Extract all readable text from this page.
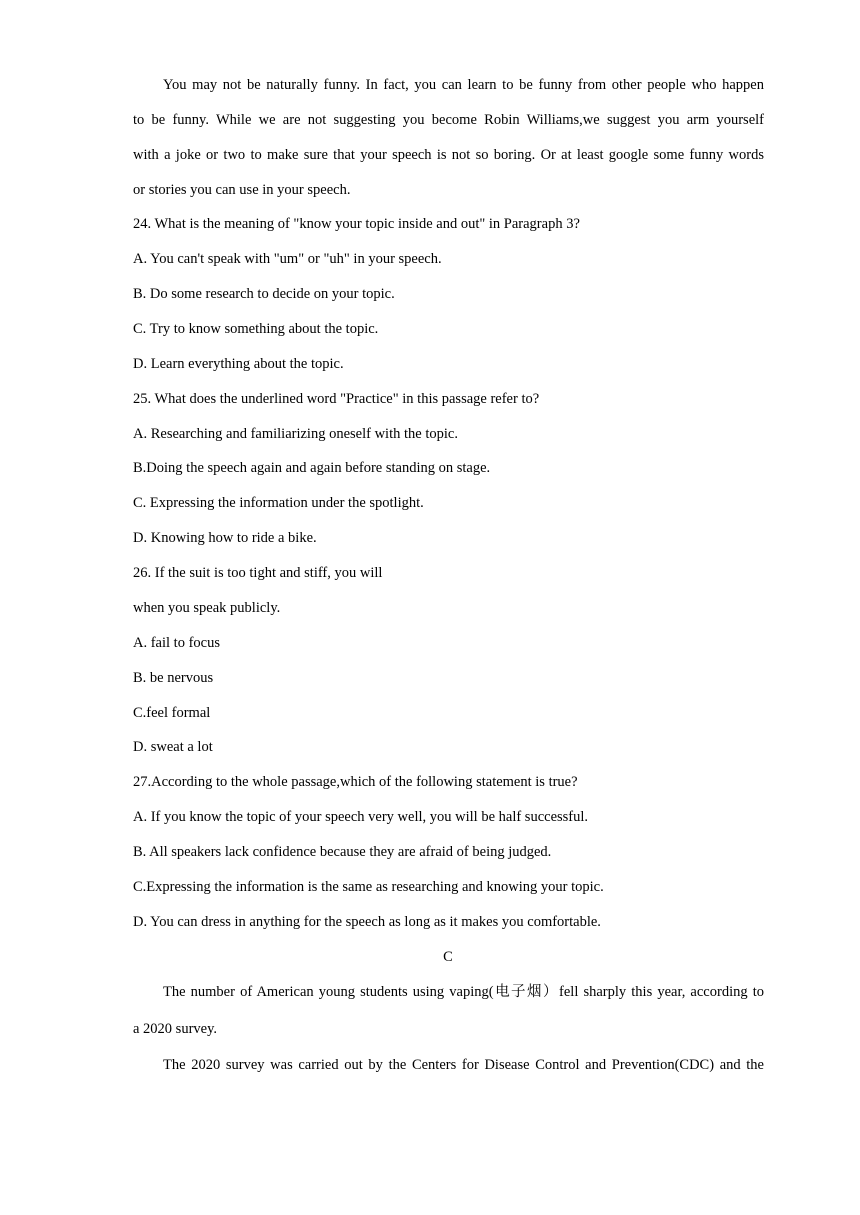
You may not be naturally funny. In fact, you can learn to be funny from other people who happen
to be funny. While we are not suggesting you become Robin Williams,we suggest you arm yourself
with a joke or two to make sure that your speech is not so boring. Or at least google some funny words
or stories you can use in your speech.
24. What is the meaning of "know your topic inside and out" in Paragraph 3?
A. You can't speak with "um" or "uh" in your speech.
B. Do some research to decide on your topic.
C. Try to know something about the topic.
D. Learn everything about the topic.
25. What does the underlined word "Practice" in this passage refer to?
A. Researching and familiarizing oneself with the topic.
B.Doing the speech again and again before standing on stage.
C. Expressing the information under the spotlight.
D. Knowing how to ride a bike.
26. If the suit is too tight and stiff, you will
when you speak publicly.
A. fail to focus
B. be nervous
C.feel formal
D. sweat a lot
27.According to the whole passage,which of the following statement is true?
A. If you know the topic of your speech very well, you will be half successful.
B. All speakers lack confidence because they are afraid of being judged.
C.Expressing the information is the same as researching and knowing your topic.
D. You can dress in anything for the speech as long as it makes you comfortable.
C
The number of American young students using vaping(电子烟）fell sharply this year, according to
a 2020 survey.
The 2020 survey was carried out by the Centers for Disease Control and Prevention(CDC) and the
